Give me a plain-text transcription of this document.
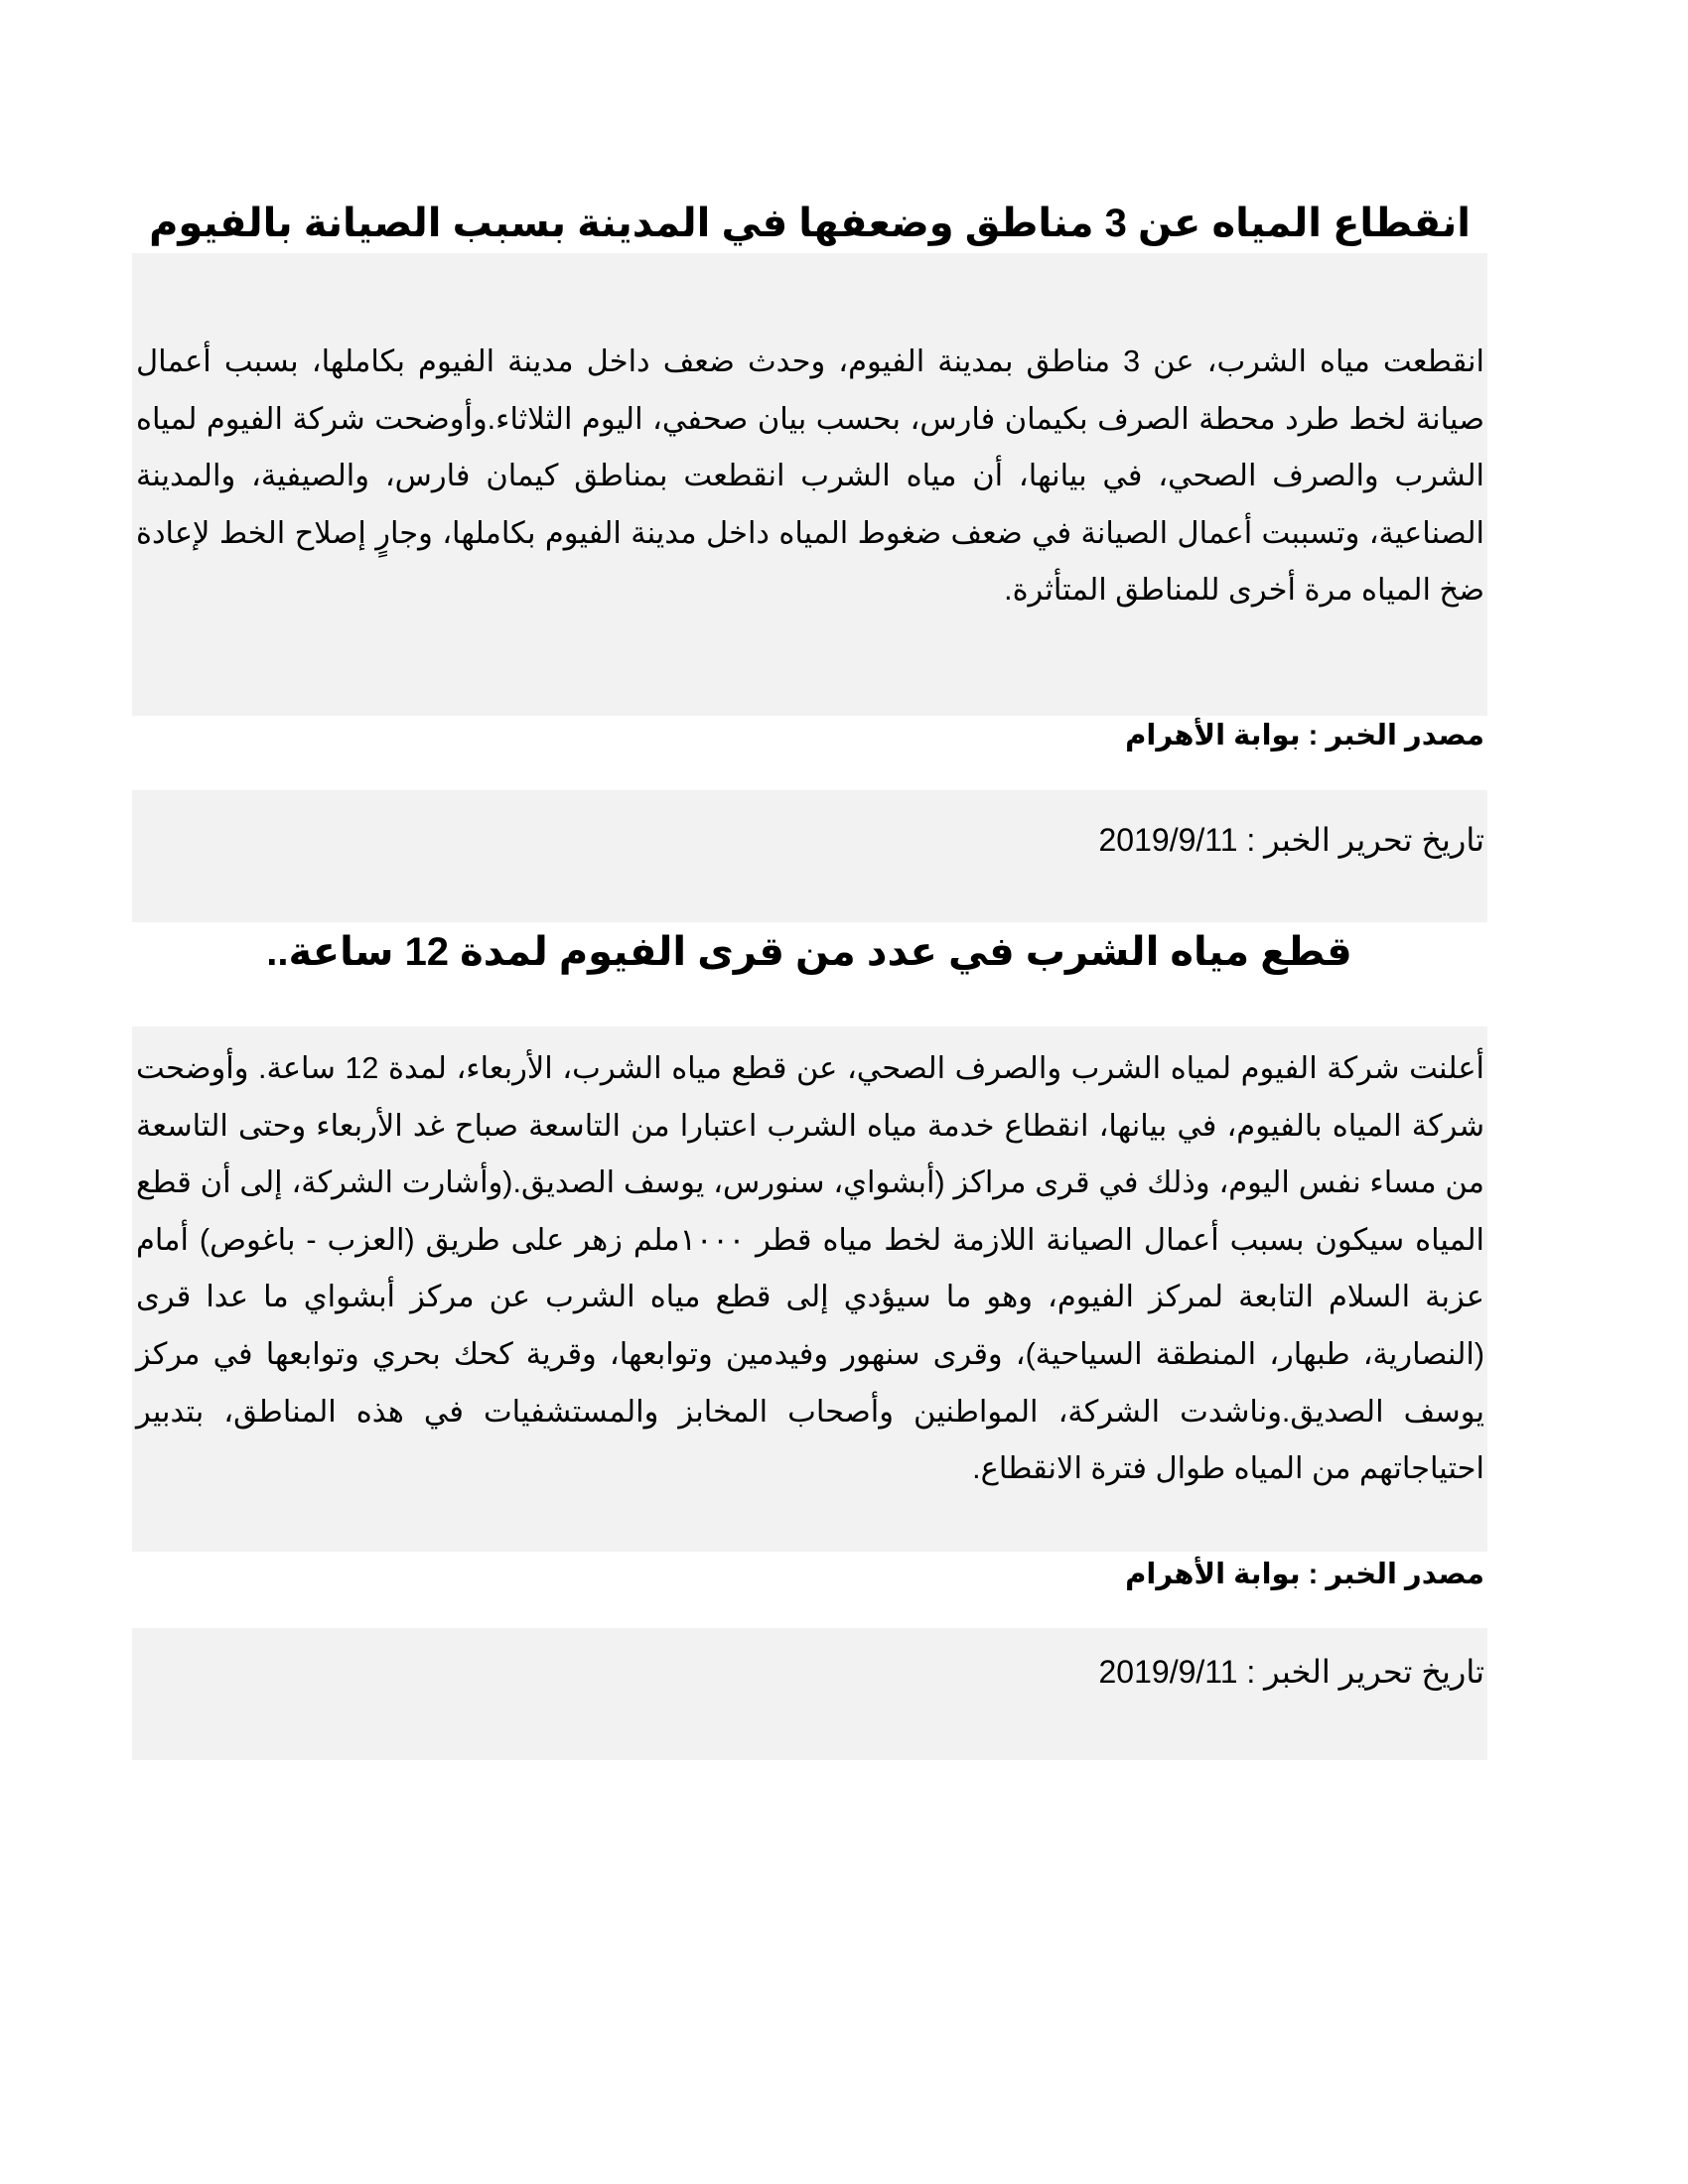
انقطاع المياه عن 3 مناطق وضعفها في المدينة بسبب الصيانة بالفيوم

انقطعت مياه الشرب، عن 3 مناطق بمدينة الفيوم، وحدث ضعف داخل مدينة الفيوم بكاملها، بسبب أعمال صيانة لخط طرد محطة الصرف بكيمان فارس، بحسب بيان صحفي، اليوم الثلاثاء.وأوضحت شركة الفيوم لمياه الشرب والصرف الصحي، في بيانها، أن مياه الشرب انقطعت بمناطق كيمان فارس، والصيفية، والمدينة الصناعية، وتسببت أعمال الصيانة في ضعف ضغوط المياه داخل مدينة الفيوم بكاملها، وجارٍ إصلاح الخط لإعادة ضخ المياه مرة أخرى للمناطق المتأثرة.

مصدر الخبر : بوابة الأهرام

تاريخ تحرير الخبر : 2019/9/11

قطع مياه الشرب في عدد من قرى الفيوم لمدة 12 ساعة..

أعلنت شركة الفيوم لمياه الشرب والصرف الصحي، عن قطع مياه الشرب، الأربعاء، لمدة 12 ساعة. وأوضحت شركة المياه بالفيوم، في بيانها، انقطاع خدمة مياه الشرب اعتبارا من التاسعة صباح غد الأربعاء وحتى التاسعة من مساء نفس اليوم، وذلك في قرى مراكز (أبشواي، سنورس، يوسف الصديق.(وأشارت الشركة، إلى أن قطع المياه سيكون بسبب أعمال الصيانة اللازمة لخط مياه قطر ١٠٠٠ملم زهر على طريق (العزب - باغوص) أمام عزبة السلام التابعة لمركز الفيوم، وهو ما سيؤدي إلى قطع مياه الشرب عن مركز أبشواي ما عدا قرى (النصارية، طبهار، المنطقة السياحية)، وقرى سنهور وفيدمين وتوابعها، وقرية كحك بحري وتوابعها في مركز يوسف الصديق.وناشدت الشركة، المواطنين وأصحاب المخابز والمستشفيات في هذه المناطق، بتدبير احتياجاتهم من المياه طوال فترة الانقطاع.

مصدر الخبر : بوابة الأهرام

تاريخ تحرير الخبر : 2019/9/11
